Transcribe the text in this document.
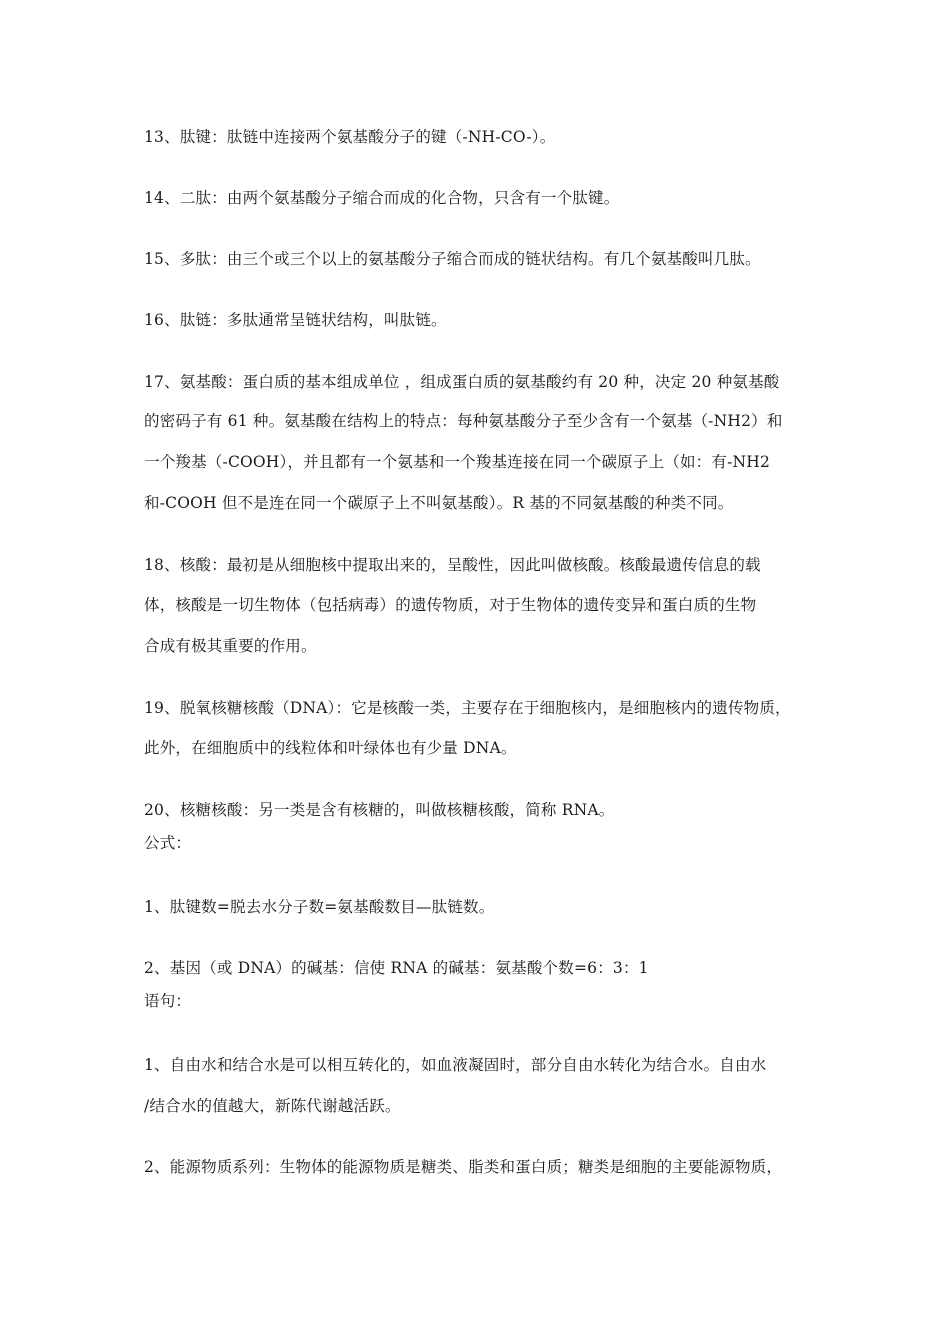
13、肽键：肽链中连接两个氨基酸分子的键（-NH-CO-）。
14、二肽：由两个氨基酸分子缩合而成的化合物，只含有一个肽键。
15、多肽：由三个或三个以上的氨基酸分子缩合而成的链状结构。有几个氨基酸叫几肽。
16、肽链：多肽通常呈链状结构，叫肽链。
17、氨基酸：蛋白质的基本组成单位 ，组成蛋白质的氨基酸约有 20 种，决定 20 种氨基酸
的密码子有 61 种。氨基酸在结构上的特点：每种氨基酸分子至少含有一个氨基（-NH2）和
一个羧基（-COOH），并且都有一个氨基和一个羧基连接在同一个碳原子上（如：有-NH2
和-COOH 但不是连在同一个碳原子上不叫氨基酸）。R 基的不同氨基酸的种类不同。
18、核酸：最初是从细胞核中提取出来的，呈酸性，因此叫做核酸。核酸最遗传信息的载
体，核酸是一切生物体（包括病毒）的遗传物质，对于生物体的遗传变异和蛋白质的生物
合成有极其重要的作用。
19、脱氧核糖核酸（DNA）：它是核酸一类，主要存在于细胞核内，是细胞核内的遗传物质，
此外，在细胞质中的线粒体和叶绿体也有少量 DNA。
20、核糖核酸：另一类是含有核糖的，叫做核糖核酸，简称 RNA。
公式：
1、肽键数=脱去水分子数=氨基酸数目—肽链数。
2、基因（或 DNA）的碱基：信使 RNA 的碱基：氨基酸个数=6：3：1
语句：
1、自由水和结合水是可以相互转化的，如血液凝固时，部分自由水转化为结合水。自由水
/结合水的值越大，新陈代谢越活跃。
2、能源物质系列：生物体的能源物质是糖类、脂类和蛋白质；糖类是细胞的主要能源物质，
